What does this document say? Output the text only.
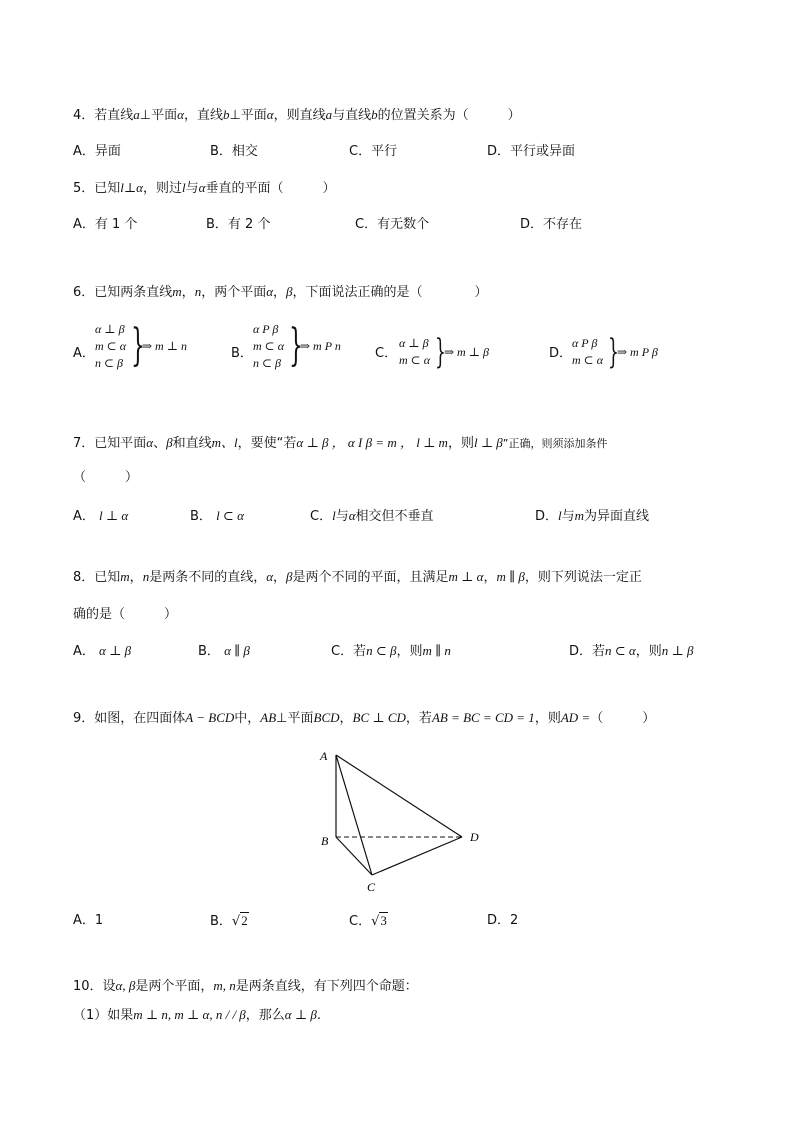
4．若直线a⊥平面α，直线b⊥平面α，则直线a与直线b的位置关系为（　　　）
A．异面	B．相交	C．平行	D．平行或异面
5．已知l⊥α，则过l与α垂直的平面（　　　）
A．有 1 个	B．有 2 个	C．有无数个	D．不存在
6．已知两条直线m，n，两个平面α，β，下面说法正确的是（　　　　）
A．
α ⊥ β
m ⊂ α
n ⊂ β }
⇒ m ⊥ n	B．
α P β
m ⊂ α
n ⊂ β }
⇒ m P n	C．
α ⊥ β
m ⊂ α }
⇒ m ⊥ β	D．
α P β
m ⊂ α }
⇒ m P β
7．已知平面α、β和直线m、l，要使“若α ⊥ β ， α I β = m ， l ⊥ m，则l ⊥ β”正确，则须添加条件
（　　　）
A． l ⊥ α	B． l ⊂ α	C．l与α相交但不垂直	D．l与m为异面直线
8．已知m，n是两条不同的直线，α，β是两个不同的平面，且满足m ⊥ α，m ∥ β，则下列说法一定正
确的是（　　　）
A． α ⊥ β	B． α ∥ β	C．若n ⊂ β，则m ∥ n	D．若n ⊂ α，则n ⊥ β
9．如图，在四面体A − BCD中，AB⊥平面BCD，BC ⊥ CD，若AB = BC = CD = 1，则AD =（　　　）
A
B
C
D
A．1	B．√2	C．√3	D．2
10．设α, β是两个平面，m, n是两条直线，有下列四个命题：
（1）如果m ⊥ n, m ⊥ α, n / / β，那么α ⊥ β.
